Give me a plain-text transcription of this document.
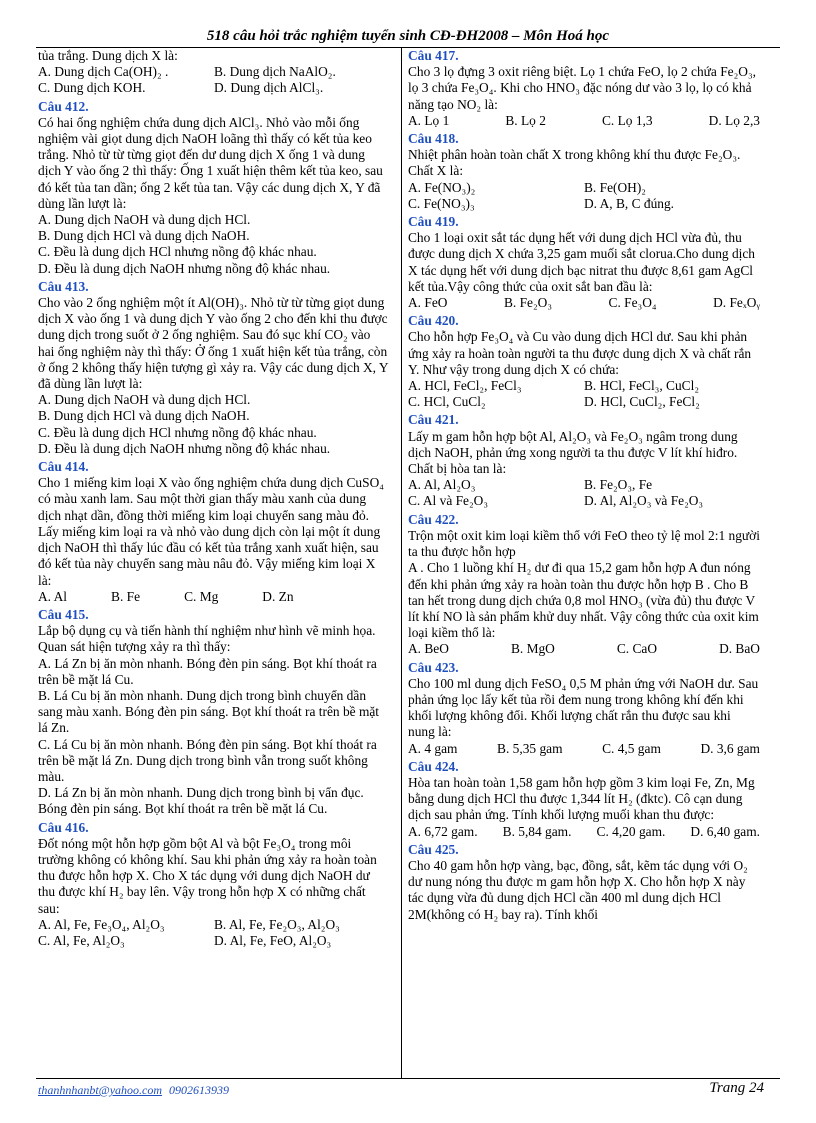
518 câu hỏi trắc nghiệm tuyển sinh CĐ-ĐH2008 – Môn Hoá học
tủa trắng. Dung dịch X là:
A. Dung dịch Ca(OH)₂ .	B. Dung dịch NaAlO₂.
C. Dung dịch KOH.	D. Dung dịch AlCl₃.
Câu 412.
Có hai ống nghiệm chứa dung dịch AlCl₃. Nhỏ vào mỗi ống nghiệm vài giọt dung dịch NaOH loãng thì thấy có kết tủa keo trắng. Nhỏ từ từ từng giọt đến dư dung dịch X ống 1 và dung dịch Y vào ống 2 thì thấy: Ống 1 xuất hiện thêm kết tủa keo, sau đó kết tủa tan dần; ống 2 kết tủa tan. Vậy các dung dịch X, Y đã dùng lần lượt là:
A. Dung dịch NaOH và dung dịch HCl.
B. Dung dịch HCl và dung dịch NaOH.
C. Đều là dung dịch HCl nhưng nồng độ khác nhau.
D. Đều là dung dịch NaOH nhưng nồng độ khác nhau.
Câu 413.
Cho vào 2 ống nghiệm một ít Al(OH)₃. Nhỏ từ từ từng giọt dung dịch X vào ống 1 và dung dịch Y vào ống 2 cho đến khi thu được dung dịch trong suốt ở 2 ống nghiệm. Sau đó sục khí CO₂ vào hai ống nghiệm này thì thấy: Ở ống 1 xuất hiện kết tủa trắng, còn ở ống 2 không thấy hiện tượng gì xảy ra. Vậy các dung dịch X, Y đã dùng lần lượt là:
A. Dung dịch NaOH và dung dịch HCl.
B. Dung dịch HCl và dung dịch NaOH.
C. Đều là dung dịch HCl nhưng nồng độ khác nhau.
D. Đều là dung dịch NaOH nhưng nồng độ khác nhau.
Câu 414.
Cho 1 miếng kim loại X vào ống nghiệm chứa dung dịch CuSO₄ có màu xanh lam. Sau một thời gian thấy màu xanh của dung dịch nhạt dần, đồng thời miếng kim loại chuyển sang màu đỏ. Lấy miếng kim loại ra và nhỏ vào dung dịch còn lại một ít dung dịch NaOH thì thấy lúc đầu có kết tủa trắng xanh xuất hiện, sau đó kết tủa này chuyển sang màu nâu đỏ. Vậy miếng kim loại X là:
A. Al	B. Fe	C. Mg	D. Zn
Câu 415.
Lắp bộ dụng cụ và tiến hành thí nghiệm như hình vẽ minh họa.
Quan sát hiện tượng xảy ra thì thấy:
A. Lá Zn bị ăn mòn nhanh. Bóng đèn pin sáng. Bọt khí thoát ra trên bề mặt lá Cu.
B. Lá Cu bị ăn mòn nhanh. Dung dịch trong bình chuyển dần sang màu xanh. Bóng đèn pin sáng. Bọt khí thoát ra trên bề mặt lá Zn.
C. Lá Cu bị ăn mòn nhanh. Bóng đèn pin sáng. Bọt khí thoát ra trên bề mặt lá Zn. Dung dịch trong bình vẫn trong suốt không màu.
D. Lá Zn bị ăn mòn nhanh. Dung dịch trong bình bị vẩn đục. Bóng đèn pin sáng. Bọt khí thoát ra trên bề mặt lá Cu.
Câu 416.
Đốt nóng một hỗn hợp gồm bột Al và bột Fe₃O₄ trong môi trường không có không khí. Sau khi phản ứng xảy ra hoàn toàn thu được hỗn hợp X. Cho X tác dụng với dung dịch NaOH dư thu được khí H₂ bay lên. Vậy trong hỗn hợp X có những chất sau:
A. Al, Fe, Fe₃O₄, Al₂O₃	B. Al, Fe, Fe₂O₃, Al₂O₃
C. Al, Fe, Al₂O₃	D. Al, Fe, FeO, Al₂O₃
Câu 417.
Cho 3 lọ đựng 3 oxit riêng biệt. Lọ 1 chứa FeO, lọ 2 chứa Fe₂O₃, lọ 3 chứa Fe₃O₄. Khi cho HNO₃ đặc nóng dư vào 3 lọ, lọ có khả năng tạo NO₂ là:
A. Lọ 1	B. Lọ 2	C. Lọ 1,3	D. Lọ 2,3
Câu 418.
Nhiệt phân hoàn toàn chất X trong không khí thu được Fe₂O₃. Chất X là:
A. Fe(NO₃)₂	B. Fe(OH)₂
C. Fe(NO₃)₃	D. A, B, C đúng.
Câu 419.
Cho 1 loại oxit sắt tác dụng hết với dung dịch HCl vừa đủ, thu được dung dịch X chứa 3,25 gam muối sắt clorua.Cho dung dịch X tác dụng hết với dung dịch bạc nitrat thu được 8,61 gam AgCl kết tủa.Vậy công thức của oxit sắt ban đầu là:
A. FeO	B. Fe₂O₃	C. Fe₃O₄	D. FeₓOᵧ
Câu 420.
Cho hỗn hợp Fe₃O₄ và Cu vào dung dịch HCl dư. Sau khi phản ứng xảy ra hoàn toàn người ta thu được dung dịch X và chất rắn Y. Như vậy trong dung dịch X có chứa:
A. HCl, FeCl₂, FeCl₃	B. HCl, FeCl₃, CuCl₂
C. HCl, CuCl₂	D. HCl, CuCl₂, FeCl₂
Câu 421.
Lấy m gam hỗn hợp bột Al, Al₂O₃ và Fe₂O₃ ngâm trong dung dịch NaOH, phản ứng xong người ta thu được V lít khí hiđro. Chất bị hòa tan là:
A. Al, Al₂O₃	B. Fe₂O₃, Fe
C. Al và Fe₂O₃	D. Al, Al₂O₃ và Fe₂O₃
Câu 422.
Trộn một oxit kim loại kiềm thổ với FeO theo tỷ lệ mol 2:1 người ta thu được hỗn hợp
A . Cho 1 luồng khí H₂ dư đi qua 15,2 gam hỗn hợp A đun nóng đến khi phản ứng xảy ra hoàn toàn thu được hỗn hợp B . Cho B tan hết trong dung dịch chứa 0,8 mol HNO₃ (vừa đủ) thu được V lít khí NO là sản phẩm khử duy nhất. Vậy công thức của oxit kim loại kiềm thổ là:
A. BeO	B. MgO	C. CaO	D. BaO
Câu 423.
Cho 100 ml dung dịch FeSO₄ 0,5 M phản ứng với NaOH dư. Sau phản ứng lọc lấy kết tủa rồi đem nung trong không khí đến khi khối lượng không đổi. Khối lượng chất rắn thu được sau khi nung là:
A. 4 gam	B. 5,35 gam	C. 4,5 gam	D. 3,6 gam
Câu 424.
Hòa tan hoàn toàn 1,58 gam hỗn hợp gồm 3 kim loại Fe, Zn, Mg bằng dung dịch HCl thu được 1,344 lít H₂ (đktc). Cô cạn dung dịch sau phản ứng. Tính khối lượng muối khan thu được:
A. 6,72 gam. B. 5,84 gam. C. 4,20 gam. D. 6,40 gam.
Câu 425.
Cho 40 gam hỗn hợp vàng, bạc, đồng, sắt, kẽm tác dụng với O₂ dư nung nóng thu được m gam hỗn hợp X. Cho hỗn hợp X này tác dụng vừa đủ dung dịch HCl cần 400 ml dung dịch HCl 2M(không có H₂ bay ra). Tính khối
thanhnhanbt@yahoo.com 0902613939	Trang 24
